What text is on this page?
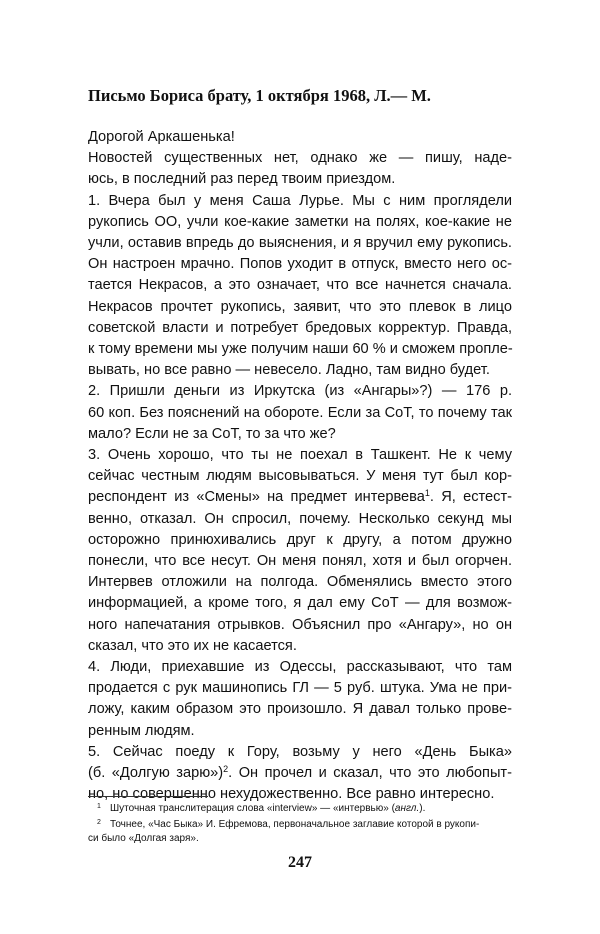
Письмо Бориса брату, 1 октября 1968, Л.— М.
Дорогой Аркашенька!
Новостей существенных нет, однако же — пишу, наде-
юсь, в последний раз перед твоим приездом.
1. Вчера был у меня Саша Лурье. Мы с ним проглядели
рукопись ОО, учли кое-какие заметки на полях, кое-какие не
учли, оставив впредь до выяснения, и я вручил ему рукопись.
Он настроен мрачно. Попов уходит в отпуск, вместо него ос-
тается Некрасов, а это означает, что все начнется сначала.
Некрасов прочтет рукопись, заявит, что это плевок в лицо
советской власти и потребует бредовых корректур. Правда,
к тому времени мы уже получим наши 60 % и сможем пропле-
вывать, но все равно — невесело. Ладно, там видно будет.
2. Пришли деньги из Иркутска (из «Ангары»?) — 176 р.
60 коп. Без пояснений на обороте. Если за СоТ, то почему так
мало? Если не за СоТ, то за что же?
3. Очень хорошо, что ты не поехал в Ташкент. Не к чему
сейчас честным людям высовываться. У меня тут был кор-
респондент из «Смены» на предмет интервева$^1$. Я, естест-
венно, отказал. Он спросил, почему. Несколько секунд мы
осторожно принюхивались друг к другу, а потом дружно
понесли, что все несут. Он меня понял, хотя и был огорчен.
Интервев отложили на полгода. Обменялись вместо этого
информацией, а кроме того, я дал ему СоТ — для возмож-
ного напечатания отрывков. Объяснил про «Ангару», но он
сказал, что это их не касается.
4. Люди, приехавшие из Одессы, рассказывают, что там
продается с рук машинопись ГЛ — 5 руб. штука. Ума не при-
ложу, каким образом это произошло. Я давал только прове-
ренным людям.
5. Сейчас поеду к Гору, возьму у него «День Быка»
(б. «Долгую зарю»)$^2$. Он прочел и сказал, что это любопыт-
но, но совершенно нехудожественно. Все равно интересно.
1 Шуточная транслитерация слова «interview» — «интервью» (англ.).
2 Точнее, «Час Быка» И. Ефремова, первоначальное заглавие которой в рукопи-
си было «Долгая заря».
247
